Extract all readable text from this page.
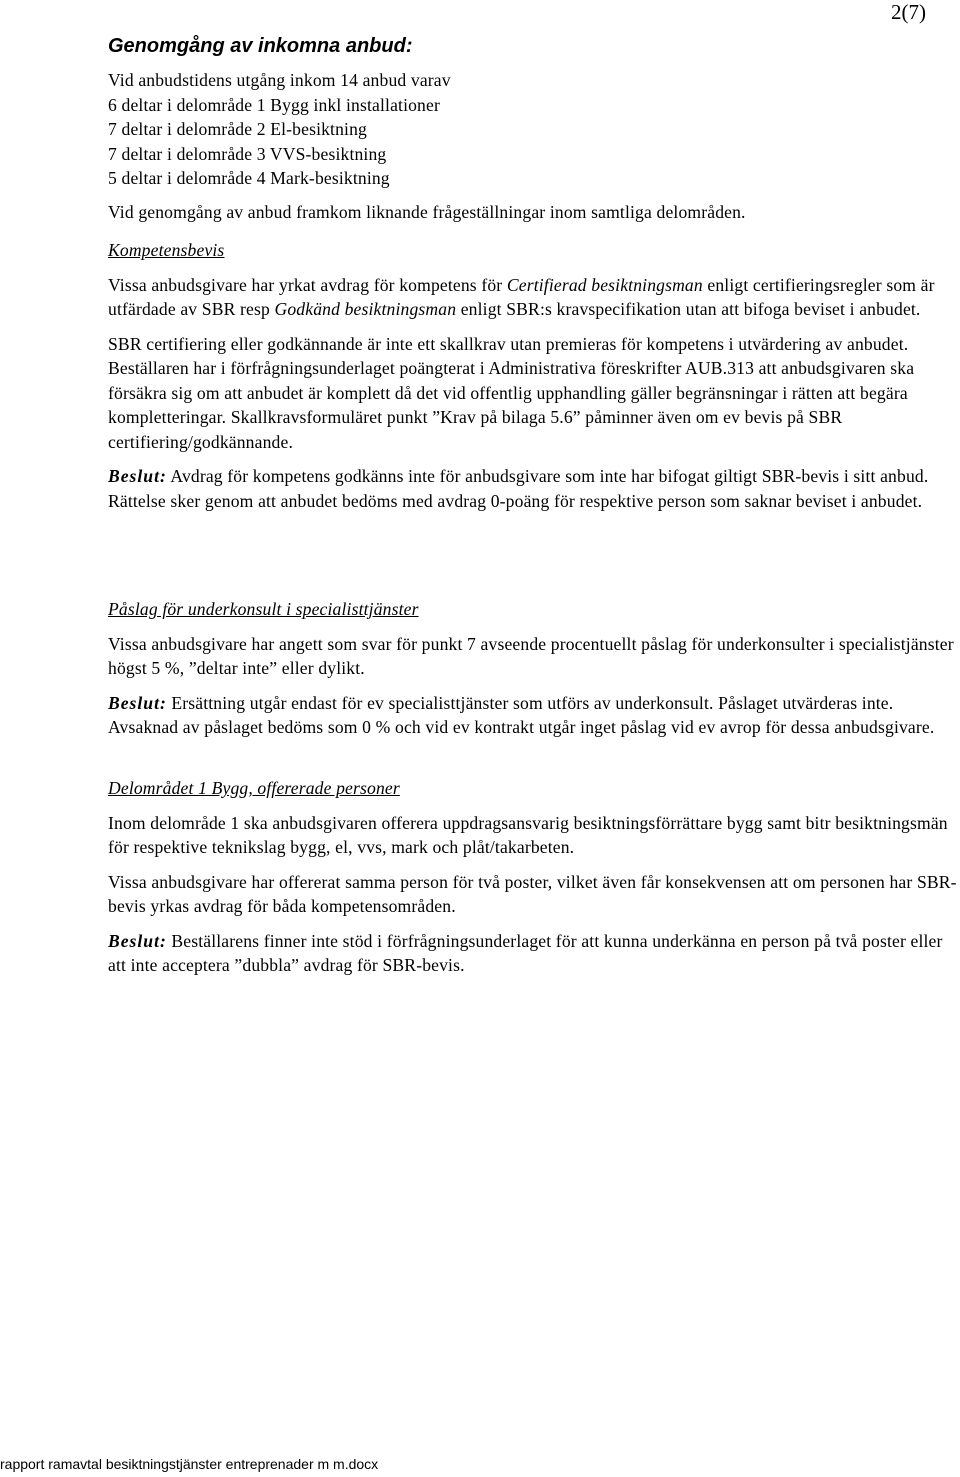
2(7)
Genomgång av inkomna anbud:
Vid anbudstidens utgång inkom 14 anbud varav
6 deltar i delområde 1 Bygg inkl installationer
7 deltar i delområde 2 El-besiktning
7 deltar i delområde 3 VVS-besiktning
5 deltar i delområde 4 Mark-besiktning
Vid genomgång av anbud framkom liknande frågeställningar inom samtliga delområden.

Kompetensbevis

Vissa anbudsgivare har yrkat avdrag för kompetens för Certifierad besiktningsman enligt certifieringsregler som är utfärdade av SBR resp Godkänd besiktningsman enligt SBR:s kravspecifikation utan att bifoga beviset i anbudet.

SBR certifiering eller godkännande är inte ett skallkrav utan premieras för kompetens i utvärdering av anbudet. Beställaren har i förfrågningsunderlaget poängterat i Administrativa föreskrifter AUB.313 att anbudsgivaren ska försäkra sig om att anbudet är komplett då det vid offentlig upphandling gäller begränsningar i rätten att begära kompletteringar. Skallkravsformuläret punkt ”Krav på bilaga 5.6” påminner även om ev bevis på SBR certifiering/godkännande.

Beslut: Avdrag för kompetens godkänns inte för anbudsgivare som inte har bifogat giltigt SBR-bevis i sitt anbud. Rättelse sker genom att anbudet bedöms med avdrag 0-poäng för respektive person som saknar beviset i anbudet.

Påslag för underkonsult i specialisttjänster

Vissa anbudsgivare har angett som svar för punkt 7 avseende procentuellt påslag för underkonsulter i specialistjänster högst 5 %, ”deltar inte” eller dylikt.

Beslut: Ersättning utgår endast för ev specialisttjänster som utförs av underkonsult. Påslaget utvärderas inte. Avsaknad av påslaget bedöms som 0 % och vid ev kontrakt utgår inget påslag vid ev avrop för dessa anbudsgivare.

Delområdet 1 Bygg, offererade personer

Inom delområde 1 ska anbudsgivaren offerera uppdragsansvarig besiktningsförrättare bygg samt bitr besiktningsmän för respektive teknikslag bygg, el, vvs, mark och plåt/takarbeten.

Vissa anbudsgivare har offererat samma person för två poster, vilket även får konsekvensen att om personen har SBR-bevis yrkas avdrag för båda kompetensområden.

Beslut: Beställarens finner inte stöd i förfrågningsunderlaget för att kunna underkänna en person på två poster eller att inte acceptera ”dubbla” avdrag för SBR-bevis.

rapport ramavtal besiktningstjänster entreprenader m m.docx
